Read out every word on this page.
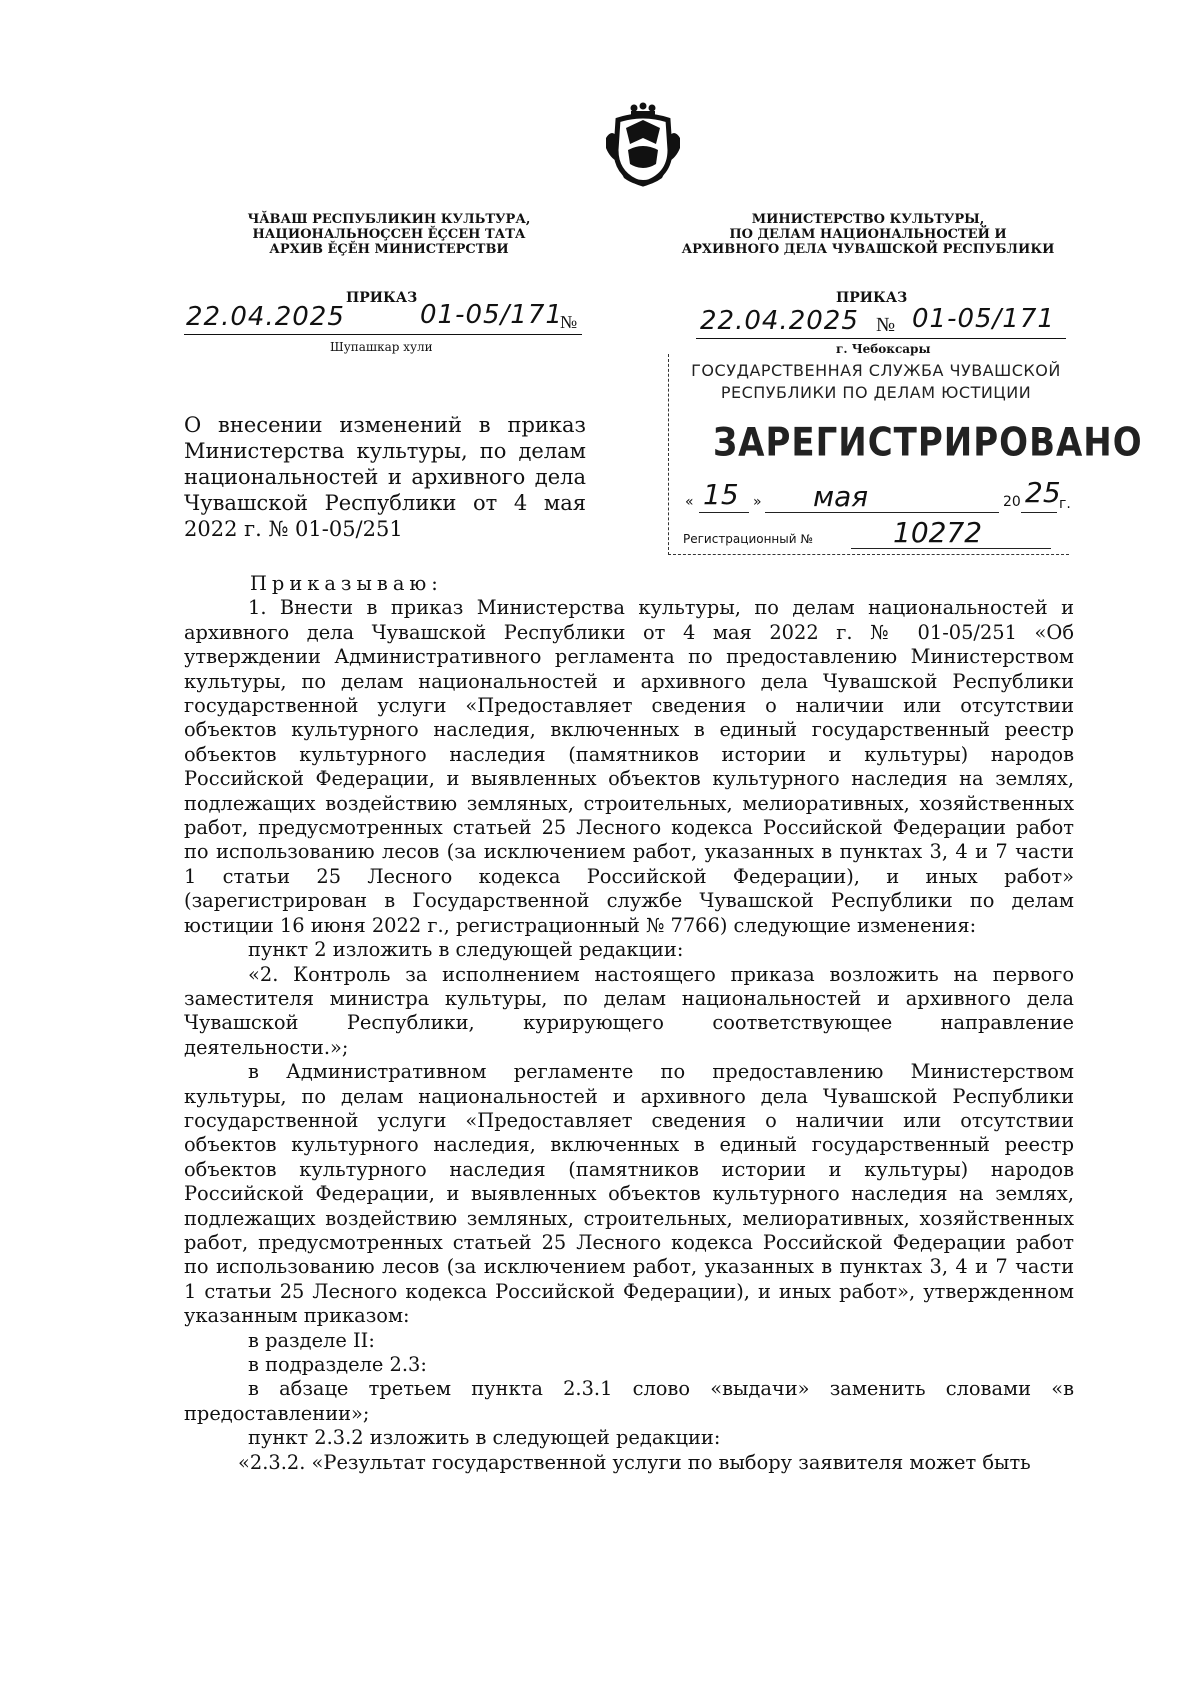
ЧĂВАШ РЕСПУБЛИКИН КУЛЬТУРА,
НАЦИОНАЛЬНОÇСЕН ĔÇСЕН ТАТА
АРХИВ ĔÇĔН МИНИСТЕРСТВИ
МИНИСТЕРСТВО КУЛЬТУРЫ,
ПО ДЕЛАМ НАЦИОНАЛЬНОСТЕЙ И
АРХИВНОГО ДЕЛА ЧУВАШСКОЙ РЕСПУБЛИКИ
ПРИКАЗ
22.04.2025	01-05/171
№
Шупашкар хули
ПРИКАЗ
22.04.2025 № 01-05/171
г. Чебоксары
ГОСУДАРСТВЕННАЯ СЛУЖБА ЧУВАШСКОЙ
РЕСПУБЛИКИ ПО ДЕЛАМ ЮСТИЦИИ
ЗАРЕГИСТРИРОВАНО
« 15 » мая	20 25
г.
Регистрационный №	10272
О внесении изменений в приказ Министерства культуры, по делам национальностей и архивного дела Чувашской Республики от 4 мая 2022 г. № 01-05/251

Приказываю:

1. Внести в приказ Министерства культуры, по делам национальностей и архивного дела Чувашской Республики от 4 мая 2022 г. № 01-05/251 «Об утверждении Административного регламента по предоставлению Министерством культуры, по делам национальностей и архивного дела Чувашской Республики государственной услуги «Предоставляет сведения о наличии или отсутствии объектов культурного наследия, включенных в единый государственный реестр объектов культурного наследия (памятников истории и культуры) народов Российской Федерации, и выявленных объектов культурного наследия на землях, подлежащих воздействию земляных, строительных, мелиоративных, хозяйственных работ, предусмотренных статьей 25 Лесного кодекса Российской Федерации работ по использованию лесов (за исключением работ, указанных в пунктах 3, 4 и 7 части 1 статьи 25 Лесного кодекса Российской Федерации), и иных работ» (зарегистрирован в Государственной службе Чувашской Республики по делам юстиции 16 июня 2022 г., регистрационный № 7766) следующие изменения:

пункт 2 изложить в следующей редакции:

«2. Контроль за исполнением настоящего приказа возложить на первого заместителя министра культуры, по делам национальностей и архивного дела Чувашской Республики, курирующего соответствующее направление деятельности.»;

в Административном регламенте по предоставлению Министерством культуры, по делам национальностей и архивного дела Чувашской Республики государственной услуги «Предоставляет сведения о наличии или отсутствии объектов культурного наследия, включенных в единый государственный реестр объектов культурного наследия (памятников истории и культуры) народов Российской Федерации, и выявленных объектов культурного наследия на землях, подлежащих воздействию земляных, строительных, мелиоративных, хозяйственных работ, предусмотренных статьей 25 Лесного кодекса Российской Федерации работ по использованию лесов (за исключением работ, указанных в пунктах 3, 4 и 7 части 1 статьи 25 Лесного кодекса Российской Федерации), и иных работ», утвержденном указанным приказом:

в разделе II:

в подразделе 2.3:

в абзаце третьем пункта 2.3.1 слово «выдачи» заменить словами «в предоставлении»;

пункт 2.3.2 изложить в следующей редакции:

«2.3.2. «Результат государственной услуги по выбору заявителя может быть
